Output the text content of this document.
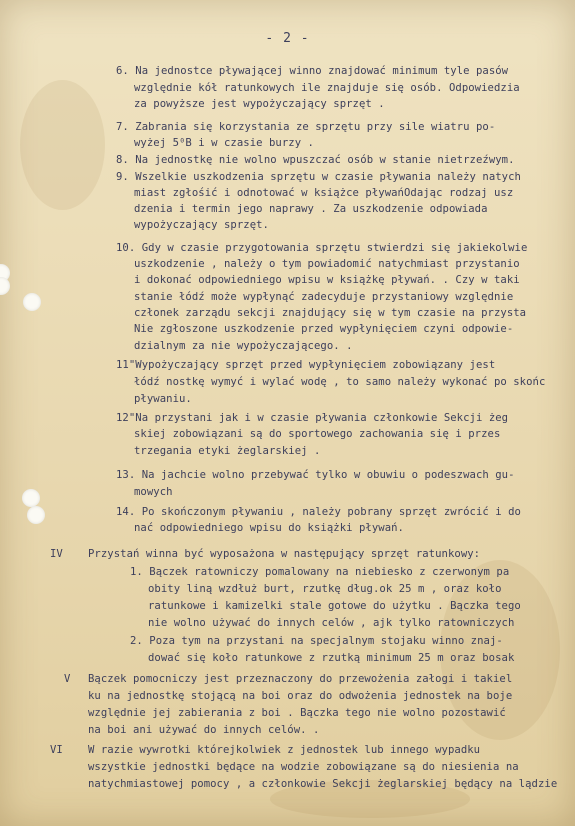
- 2 -
6. Na jednostce pływającej winno znajdować minimum tyle pasów
względnie kół ratunkowych ile znajduje się osób. Odpowiedzia
za powyższe jest wypożyczający sprzęt .
7. Zabrania się korzystania ze sprzętu przy sile wiatru po-
wyżej 5⁰B i w czasie burzy .
8. Na jednostkę nie wolno wpuszczać osób w stanie nietrzeźwym.
9. Wszelkie uszkodzenia sprzętu w czasie pływania należy natych
miast zgłośić i odnotować w książce pływańOdając rodzaj usz
dzenia i termin jego naprawy . Za uszkodzenie odpowiada
wypożyczający sprzęt.
10. Gdy w czasie przygotowania sprzętu stwierdzi się jakiekolwie
uszkodzenie , należy o tym powiadomić natychmiast przystanio
i dokonać odpowiedniego wpisu w książkę pływań. . Czy w taki
stanie łódź może wypłynąć zadecyduje przystaniowy względnie
członek zarządu sekcji znajdujący się w tym czasie na przysta
Nie zgłoszone uszkodzenie przed wypłynięciem czyni odpowie-
dzialnym za nie wypożyczającego. .
11"Wypożyczający sprzęt przed wypłynięciem zobowiązany jest
łódź nostkę wymyć i wylać wodę , to samo należy wykonać po skońc
pływaniu.
12"Na przystani jak i w czasie pływania członkowie Sekcji żeg
skiej zobowiązani są do sportowego zachowania się i przes
trzegania etyki żeglarskiej .
13. Na jachcie wolno przebywać tylko w obuwiu o podeszwach gu-
mowych
14. Po skończonym pływaniu , należy pobrany sprzęt zwrócić i do
nać odpowiedniego wpisu do książki pływań.
IV Przystań winna być wyposażona w następujący sprzęt ratunkowy:
1. Bączek ratowniczy pomalowany na niebiesko z czerwonym pa
obity liną wzdłuż burt, rzutkę dług.ok 25 m , oraz koło
ratunkowe i kamizelki stale gotowe do użytku . Bączka tego
nie wolno używać do innych celów , ajk tylko ratowniczych
2. Poza tym na przystani na specjalnym stojaku winno znaj-
dować się koło ratunkowe z rzutką minimum 25 m oraz bosak
V Bączek pomocniczy jest przeznaczony do przewożenia załogi i takiel
ku na jednostkę stojącą na boi oraz do odwożenia jednostek na boje
względnie jej zabierania z boi . Bączka tego nie wolno pozostawić
na boi ani używać do innych celów. .
VI W razie wywrotki którejkolwiek z jednostek lub innego wypadku
wszystkie jednostki będące na wodzie zobowiązane są do niesienia na
natychmiastowej pomocy , a członkowie Sekcji żeglarskiej będący na lądzie
